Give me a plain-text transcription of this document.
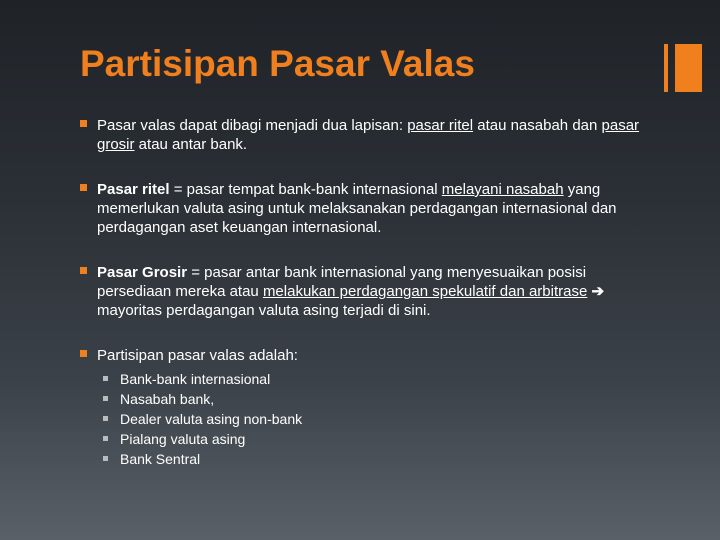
Partisipan Pasar Valas

Pasar valas dapat dibagi menjadi dua lapisan: pasar ritel atau nasabah dan pasar grosir atau antar bank.

Pasar ritel = pasar tempat bank-bank internasional melayani nasabah yang memerlukan valuta asing untuk melaksanakan perdagangan internasional dan perdagangan aset keuangan internasional.

Pasar Grosir = pasar antar bank internasional yang menyesuaikan posisi persediaan mereka atau melakukan perdagangan spekulatif dan arbitrase ➔ mayoritas perdagangan valuta asing terjadi di sini.

Partisipan pasar valas adalah:
Bank-bank internasional
Nasabah bank,
Dealer valuta asing non-bank
Pialang valuta asing
Bank Sentral
